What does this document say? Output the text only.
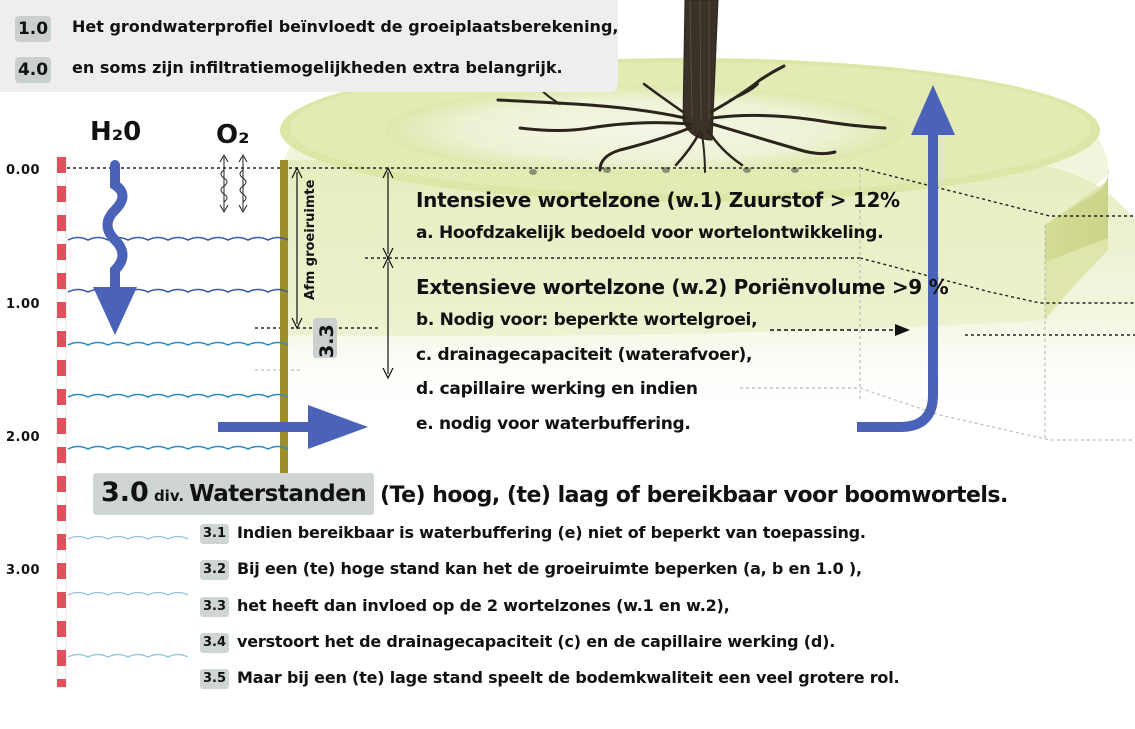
1.0 Het grondwaterprofiel beïnvloedt de groeiplaatsberekening,
4.0 en soms zijn infiltratiemogelijkheden extra belangrijk.
H₂0	O₂
0.00
1.00
2.00
3.00
Afm groeiruimte
3.3
Intensieve wortelzone (w.1) Zuurstof > 12%
a. Hoofdzakelijk bedoeld voor wortelontwikkeling.
Extensieve wortelzone (w.2) Poriënvolume >9 %
b. Nodig voor: beperkte wortelgroei,
c. drainagecapaciteit (waterafvoer),
d. capillaire werking en indien
e. nodig voor waterbuffering.
3.0 div. Waterstanden (Te) hoog, (te) laag of bereikbaar voor boomwortels.
3.1 Indien bereikbaar is waterbuffering (e) niet of beperkt van toepassing.
3.2 Bij een (te) hoge stand kan het de groeiruimte beperken (a, b en 1.0 ),
3.3 het heeft dan invloed op de 2 wortelzones (w.1 en w.2),
3.4 verstoort het de drainagecapaciteit (c) en de capillaire werking (d).
3.5 Maar bij een (te) lage stand speelt de bodemkwaliteit een veel grotere rol.
